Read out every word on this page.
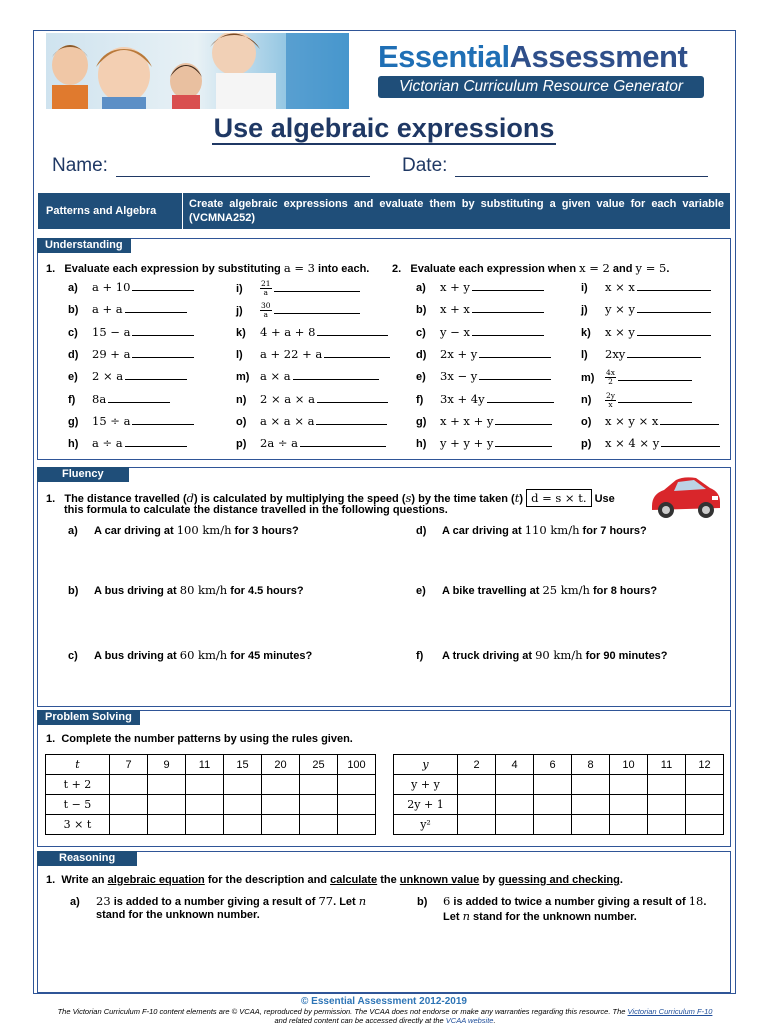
EssentialAssessment
Victorian Curriculum Resource Generator
Use algebraic expressions
Name:	Date:
Patterns and Algebra
Create algebraic expressions and evaluate them by substituting a given value for each variable (VCMNA252)
Understanding
1. Evaluate each expression by substituting a = 3 into each. 2. Evaluate each expression when x = 2 and y = 5.
a) a + 10
b) a + a
c) 15 − a
d) 29 + a
e) 2 × a
f) 8a
g) 15 ÷ a
h) a ÷ a
$i) \frac{21}{a}$
$j) \frac{30}{a}$
k) 4 + a + 8
l) a + 22 + a
m) a × a
n) 2 × a × a
o) a × a × a
p) 2a ÷ a
a) x + y
b) x + x
c) y − x
d) 2x + y
e) 3x − y
f) 3x + 4y
g) x + x + y
h) y + y + y
i) x × x
j) y × y
k) x × y
l) 2xy
$m) \frac{4x}{2}$
$n) \frac{2y}{x}$
o) x × y × x
p) x × 4 × y
Fluency
1. The distance travelled (d) is calculated by multiplying the speed (s) by the time taken (t) d = s × t. Use
this formula to calculate the distance travelled in the following questions.
a) A car driving at 100 km/h for 3 hours?
b) A bus driving at 80 km/h for 4.5 hours?
c) A bus driving at 60 km/h for 45 minutes?
d) A car driving at 110 km/h for 7 hours?
e) A bike travelling at 25 km/h for 8 hours?
f) A truck driving at 90 km/h for 90 minutes?
Problem Solving
1. Complete the number patterns by using the rules given.
t	7	9	11	15	20	25	100
t + 2							
t − 5							
3 × t							
y	2	4	6	8	10	11	12
y + y							
2y + 1							
y²							
Reasoning
1. Write an algebraic equation for the description and calculate the unknown value by guessing and checking.
a) 23 is added to a number giving a result of 77. Let n
stand for the unknown number.
b) 6 is added to twice a number giving a result of 18.
Let n stand for the unknown number.
© Essential Assessment 2012-2019
The Victorian Curriculum F-10 content elements are © VCAA, reproduced by permission. The VCAA does not endorse or make any warranties regarding this resource. The Victorian Curriculum F-10 and related content can be accessed directly at the VCAA website.
